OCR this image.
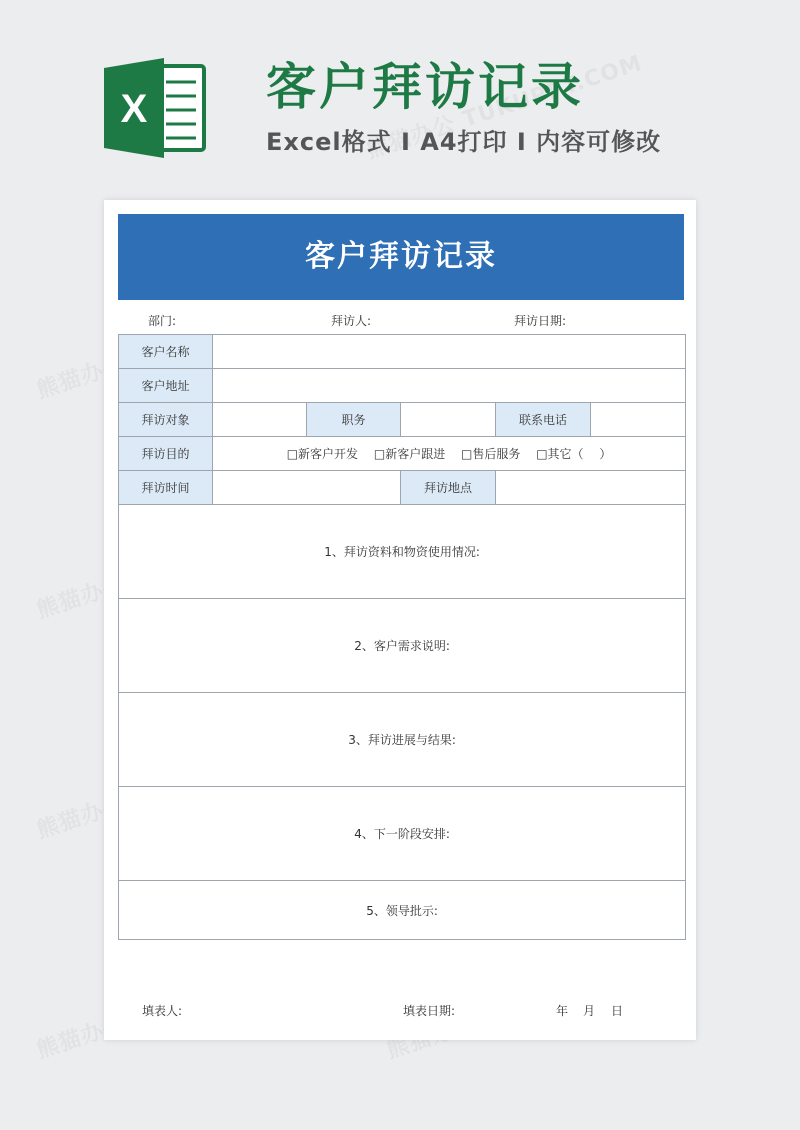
X 客户拜访记录
Excel格式 I A4打印 I 内容可修改
客户拜访记录
部门:	拜访人:	拜访日期:
客户名称					
客户地址					
拜访对象		职务		联系电话	
拜访目的	□新客户开发 □新客户跟进 □售后服务 □其它（　 ）				
拜访时间			拜访地点		
1、拜访资料和物资使用情况:					
2、客户需求说明:					
3、拜访进展与结果:					
4、下一阶段安排:					
5、领导批示:					
填表人:	填表日期:	年 月 日
